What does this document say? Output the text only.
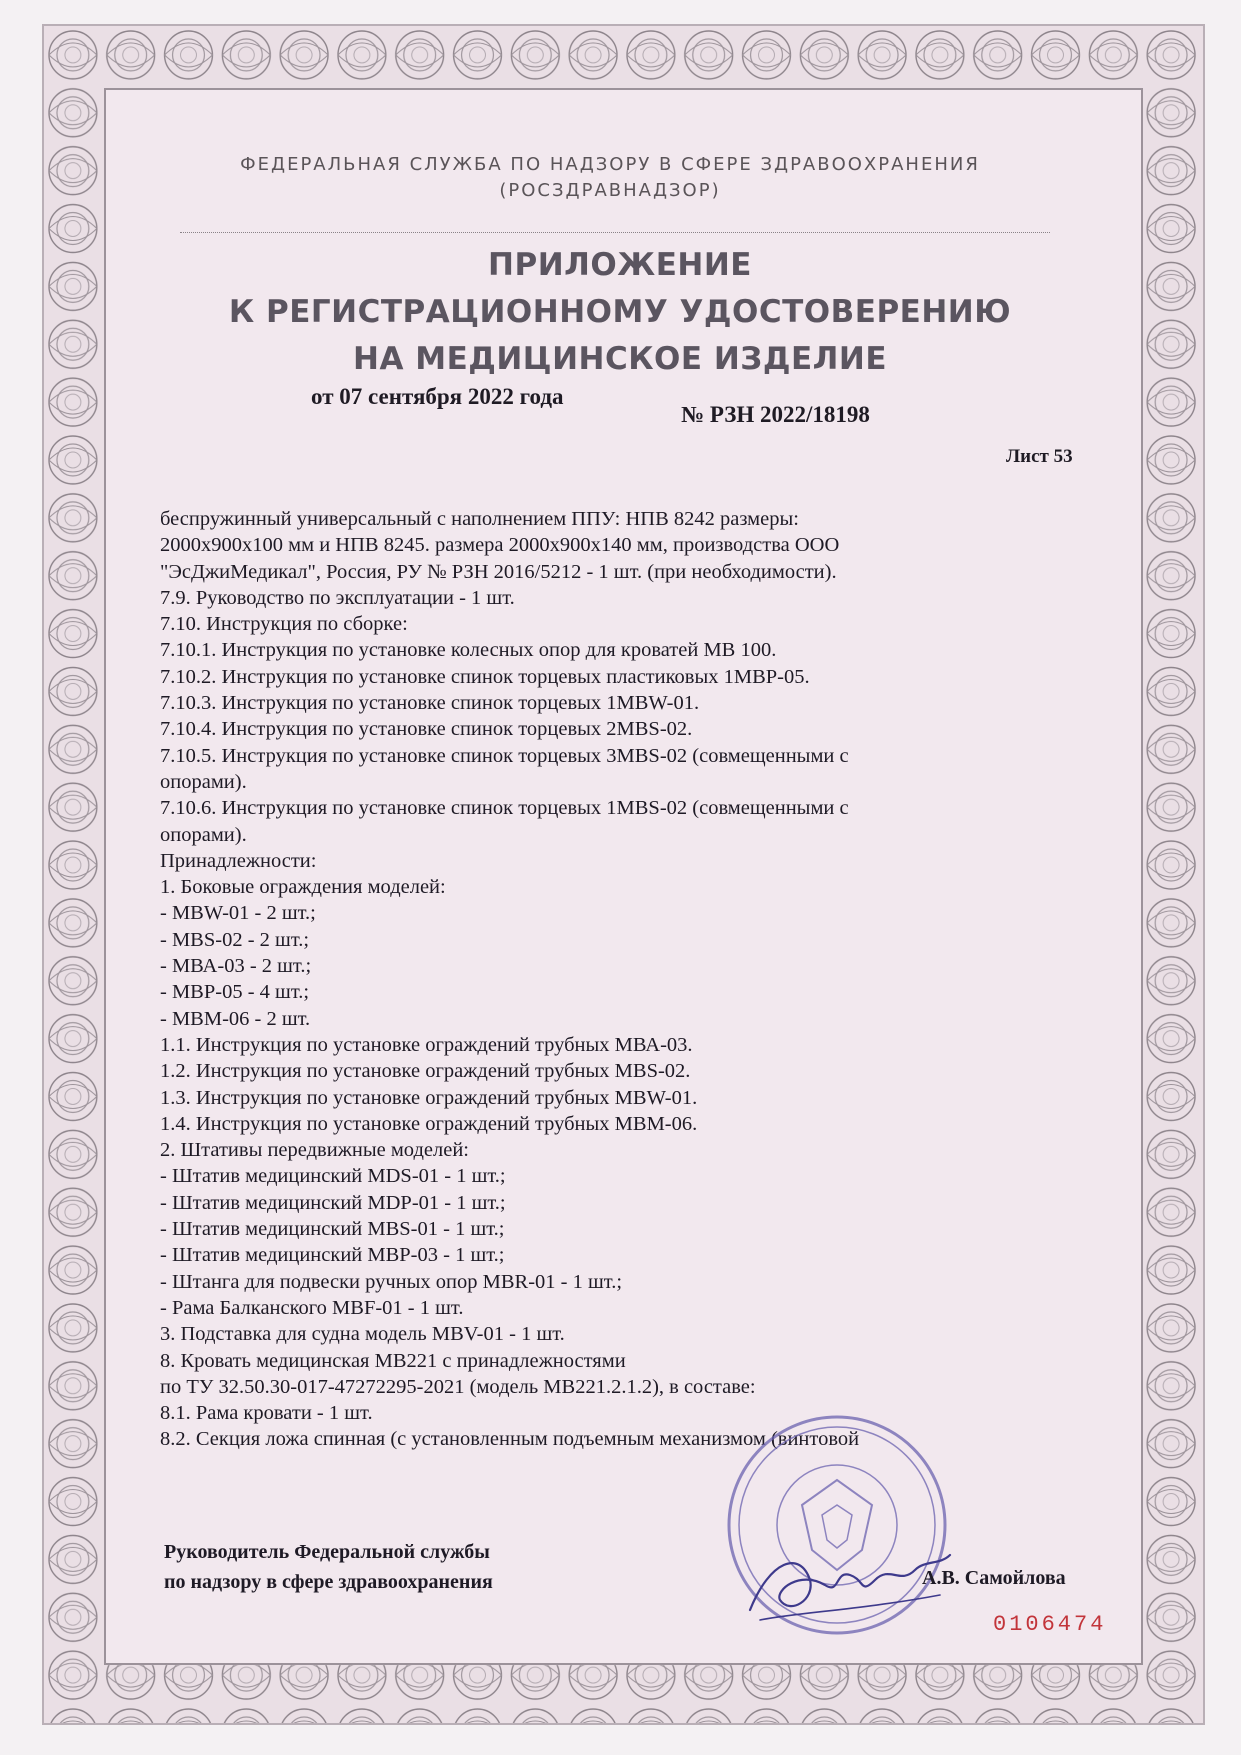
ФЕДЕРАЛЬНАЯ СЛУЖБА ПО НАДЗОРУ В СФЕРЕ ЗДРАВООХРАНЕНИЯ
(РОСЗДРАВНАДЗОР)
ПРИЛОЖЕНИЕ
К РЕГИСТРАЦИОННОМУ УДОСТОВЕРЕНИЮ
НА МЕДИЦИНСКОЕ ИЗДЕЛИЕ
от 07 сентября 2022 года
№ РЗН 2022/18198
Лист 53
беспружинный универсальный с наполнением ППУ: НПВ 8242 размеры:
2000х900х100 мм и НПВ 8245. размера 2000х900х140 мм, производства ООО
"ЭсДжиМедикал", Россия, РУ № РЗН 2016/5212 - 1 шт. (при необходимости).
7.9. Руководство по эксплуатации - 1 шт.
7.10. Инструкция по сборке:
7.10.1. Инструкция по установке колесных опор для кроватей МВ 100.
7.10.2. Инструкция по установке спинок торцевых пластиковых 1МВР-05.
7.10.3. Инструкция по установке спинок торцевых 1MBW-01.
7.10.4. Инструкция по установке спинок торцевых 2MBS-02.
7.10.5. Инструкция по установке спинок торцевых 3MBS-02 (совмещенными с
опорами).
7.10.6. Инструкция по установке спинок торцевых 1MBS-02 (совмещенными с
опорами).
Принадлежности:
1. Боковые ограждения моделей:
- MBW-01 - 2 шт.;
- MBS-02 - 2 шт.;
- МВА-03 - 2 шт.;
- МВР-05 - 4 шт.;
- МВМ-06 - 2 шт.
1.1. Инструкция по установке ограждений трубных МВА-03.
1.2. Инструкция по установке ограждений трубных MBS-02.
1.3. Инструкция по установке ограждений трубных MBW-01.
1.4. Инструкция по установке ограждений трубных МВМ-06.
2. Штативы передвижные моделей:
- Штатив медицинский MDS-01 - 1 шт.;
- Штатив медицинский MDP-01 - 1 шт.;
- Штатив медицинский MBS-01 - 1 шт.;
- Штатив медицинский МВР-03 - 1 шт.;
- Штанга для подвески ручных опор MBR-01 - 1 шт.;
- Рама Балканского MBF-01 - 1 шт.
3. Подставка для судна модель MBV-01 - 1 шт.
8. Кровать медицинская МВ221 с принадлежностями
по ТУ 32.50.30-017-47272295-2021 (модель МВ221.2.1.2), в составе:
8.1. Рама кровати - 1 шт.
8.2. Секция ложа спинная (с установленным подъемным механизмом (винтовой
Руководитель Федеральной службы
по надзору в сфере здравоохранения	А.В. Самойлова
0106474
